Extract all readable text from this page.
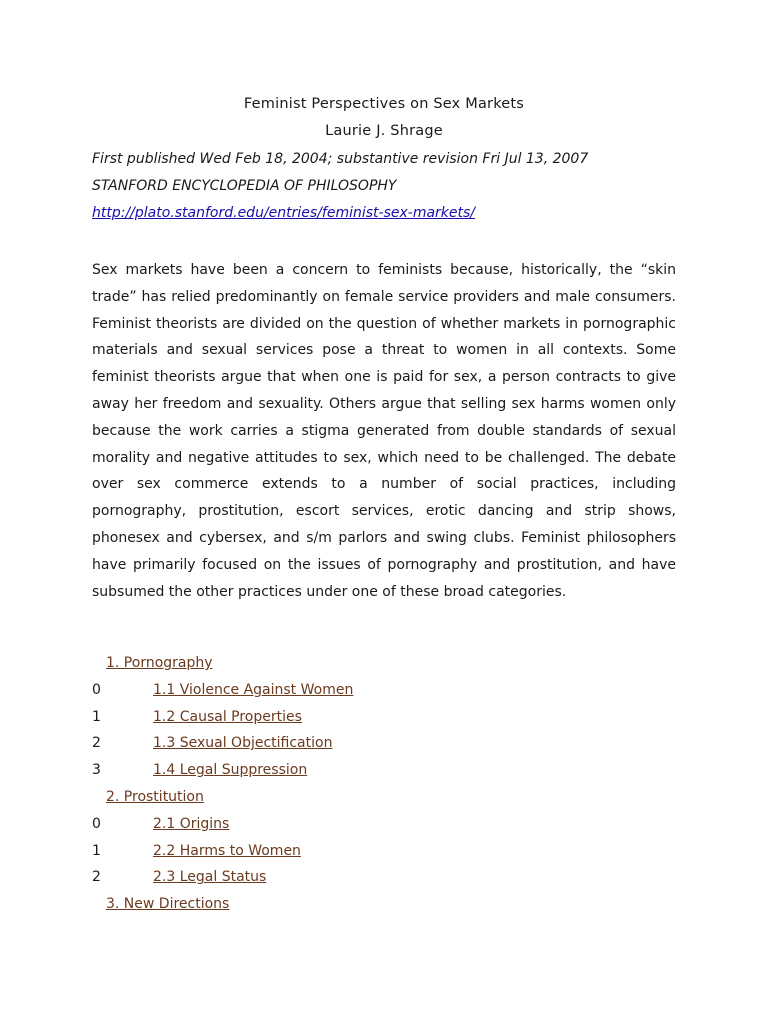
Feminist Perspectives on Sex Markets

Laurie J. Shrage

First published Wed Feb 18, 2004; substantive revision Fri Jul 13, 2007

STANFORD ENCYCLOPEDIA OF PHILOSOPHY

http://plato.stanford.edu/entries/feminist-sex-markets/

Sex markets have been a concern to feminists because, historically, the “skin trade” has relied predominantly on female service providers and male consumers. Feminist theorists are divided on the question of whether markets in pornographic materials and sexual services pose a threat to women in all contexts. Some feminist theorists argue that when one is paid for sex, a person contracts to give away her freedom and sexuality. Others argue that selling sex harms women only because the work carries a stigma generated from double standards of sexual morality and negative attitudes to sex, which need to be challenged. The debate over sex commerce extends to a number of social practices, including pornography, prostitution, escort services, erotic dancing and strip shows, phonesex and cybersex, and s/m parlors and swing clubs. Feminist philosophers have primarily focused on the issues of pornography and prostitution, and have subsumed the other practices under one of these broad categories.

1. Pornography
0	1.1 Violence Against Women
1	1.2 Causal Properties
2	1.3 Sexual Objectification
3	1.4 Legal Suppression
2. Prostitution
0	2.1 Origins
1	2.2 Harms to Women
2	2.3 Legal Status
3. New Directions
